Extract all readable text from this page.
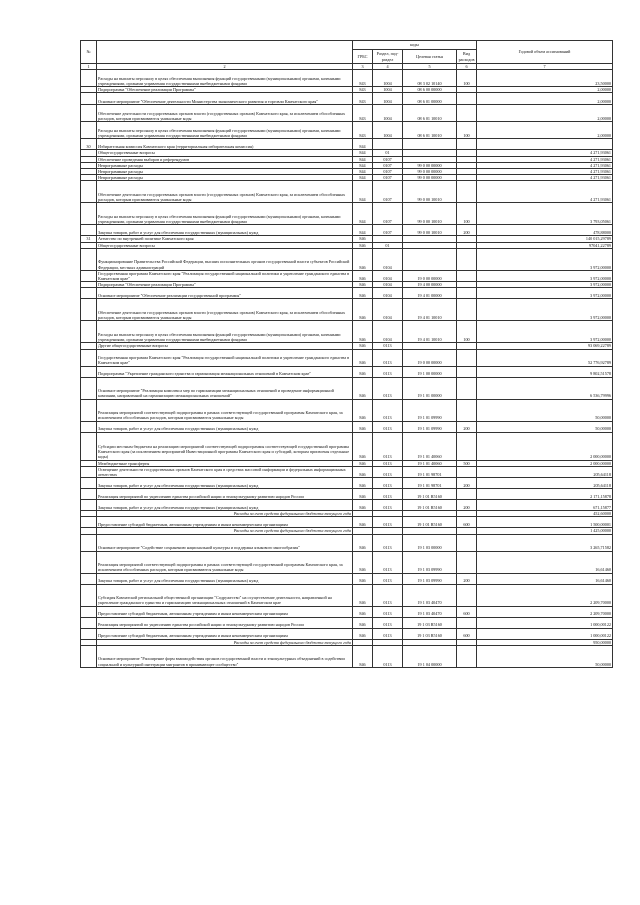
№		коды				Годовой объем ассигнований
		ГРБС	Раздел, под-раздел	Целевая статья	Вид расходов	
1	2	3	4	5	6	7
	Расходы на выплаты персоналу в целях обеспечения выполнения функций государственными (муниципальными) органами, казенными учреждениями, органами управления государственными внебюджетными фондами	843	1004	08 3 02 10140	100	23,50000
	Подпрограмма "Обеспечение реализации Программы"	843	1004	08 6 00 00000		2,00000
	Основное мероприятие "Обеспечение деятельности Министерства экономического развития и торговли Камчатского края"	843	1004	08 6 01 00000		2,00000
	Обеспечение деятельности государственных органов власти (государственных органов) Камчатского края, за исключением обособленных расходов, которым присваиваются уникальные коды	843	1004	08 6 01 10010		2,00000
	Расходы на выплаты персоналу в целях обеспечения выполнения функций государственными (муниципальными) органами, казенными учреждениями, органами управления государственными внебюджетными фондами	843	1004	08 6 01 10010	100	2,00000
30	Избирательная комиссия Камчатского края (территориальная избирательная комиссия)	844				
	Общегосударственные вопросы	844	01			4 271,93061
	Обеспечение проведения выборов и референдумов	844	0107			4 271,93061
	Непрограммные расходы	844	0107	99 0 00 00000		4 271,93061
	Непрограммные расходы	844	0107	99 0 00 00000		4 271,93061
	Непрограммные расходы	844	0107	99 0 00 00000		4 271,93061
	Обеспечение деятельности государственных органов власти (государственных органов) Камчатского края, за исключением обособленных расходов, которым присваиваются уникальные коды	844	0107	99 0 00 10010		4 271,93061
	Расходы на выплаты персоналу в целях обеспечения выполнения функций государственными (муниципальными) органами, казенными учреждениями, органами управления государственными внебюджетными фондами	844	0107	99 0 00 10010	100	3 793,05061
	Закупка товаров, работ и услуг для обеспечения государственных (муниципальных) нужд	844	0107	99 0 00 10010	200	478,88000
31	Агентство по внутренней политике Камчатского края	846				140 015,29789
	Общегосударственные вопросы	846	01			97041,22789
	Функционирование Правительства Российской Федерации, высших исполнительных органов государственной власти субъектов Российской Федерации, местных администраций	846	0104			3 972,00000
	Государственная программа Камчатского края "Реализация государственной национальной политики и укрепление гражданского единства в Камчатском крае"	846	0104	19 0 00 00000		3 972,00000
	Подпрограмма "Обеспечение реализации Программы"	846	0104	19 4 00 00000		3 972,00000
	Основное мероприятие "Обеспечение реализации государственной программы"	846	0104	19 4 01 00000		3 972,00000
	Обеспечение деятельности государственных органов власти (государственных органов) Камчатского края, за исключением обособленных расходов, которым присваиваются уникальные коды	846	0104	19 4 01 10010		3 972,00000
	Расходы на выплаты персоналу в целях обеспечения выполнения функций государственными (муниципальными) органами, казенными учреждениями, органами управления государственными внебюджетными фондами	846	0104	19 4 01 10010	100	3 972,00000
	Другие общегосударственные вопросы	846	0113			93 069,22789
	Государственная программа Камчатского края "Реализация государственной национальной политики и укрепление гражданского единства в Камчатском крае"	846	0113	19 0 00 00000		52 776,92789
	Подпрограмма "Укрепление гражданского единства и гармонизация межнациональных отношений в Камчатском крае"	846	0113	19 1 00 00000		9 802,51578
	Основное мероприятие "Реализация комплекса мер по гармонизации межнациональных отношений и проведение информационной кампании, направленной на гармонизацию межнациональных отношений"	846	0113	19 1 01 00000		6 536,79996
	Реализация мероприятий соответствующей подпрограммы в рамках соответствующей государственной программы Камчатского края, за исключением обособленных расходов, которым присваиваются уникальные коды	846	0113	19 1 01 09990		50,00000
	Закупка товаров, работ и услуг для обеспечения государственных (муниципальных) нужд	846	0113	19 1 01 09990	200	50,00000
	Субсидии местным бюджетам на реализацию мероприятий соответствующей подпрограммы соответствующей государственной программы Камчатского края (за исключением мероприятий Инвестиционной программы Камчатского края и субсидий, которым присвоены отдельные коды)	846	0113	19 1 01 40060		2 000,00000
	Межбюджетные трансферты	846	0113	19 1 01 40060	500	2 000,00000
	Освещение деятельности государственных органов Камчатского края в средствах массовой информации и федеральных информационных агентствах	846	0113	19 1 01 98701		205,64118
	Закупка товаров, работ и услуг для обеспечения государственных (муниципальных) нужд	846	0113	19 1 01 98701	200	205,64118
	Реализация мероприятий по укреплению единства российской нации и этнокультурному развитию народов России	846	0113	19 1 01 R5160		2 171,15878
	Закупка товаров, работ и услуг для обеспечения государственных (муниципальных) нужд	846	0113	19 1 01 R5160	200	671,15877
	Расходы за счет средств федерального бюджета текущего года					452,60000
	Предоставление субсидий бюджетным, автономным учреждениям и иным некоммерческим организациям	846	0113	19 1 01 R5160	600	1 500,00001
	Расходы за счет средств федерального бюджета текущего года					1 425,00000
	Основное мероприятие "Содействие сохранению национальной культуры и поддержка языкового многообразия"	846	0113	19 1 03 00000		3 265,71582
	Реализация мероприятий соответствующей подпрограммы в рамках соответствующей государственной программы Камчатского края, за исключением обособленных расходов, которым присваиваются уникальные коды	846	0113	19 1 03 09990		16,61460
	Закупка товаров, работ и услуг для обеспечения государственных (муниципальных) нужд	846	0113	19 1 03 09990	200	16,61460
	Субсидия Камчатской региональной общественной организации "Содружество" на осуществление деятельности, направленной на укрепление гражданского единства и гармонизацию межнациональных отношений в Камчатском крае	846	0113	19 1 03 40470		2 209,70000
	Предоставление субсидий бюджетным, автономным учреждениям и иным некоммерческим организациям	846	0113	19 1 03 40470	600	2 209,70000
	Реализация мероприятий по укреплению единства российской нации и этнокультурному развитию народов России	846	0113	19 1 03 R5160		1 000,00122
	Предоставление субсидий бюджетным, автономным учреждениям и иным некоммерческим организациям	846	0113	19 1 03 R5160	600	1 000,00122
	Расходы за счет средств федерального бюджета текущего года					950,00000
	Основное мероприятие "Расширение форм взаимодействия органов государственной власти и этнокультурных объединений в содействии социальной и культурной интеграции мигрантов в принимающее сообщество"	846	0113	19 1 04 00000		50,00000
